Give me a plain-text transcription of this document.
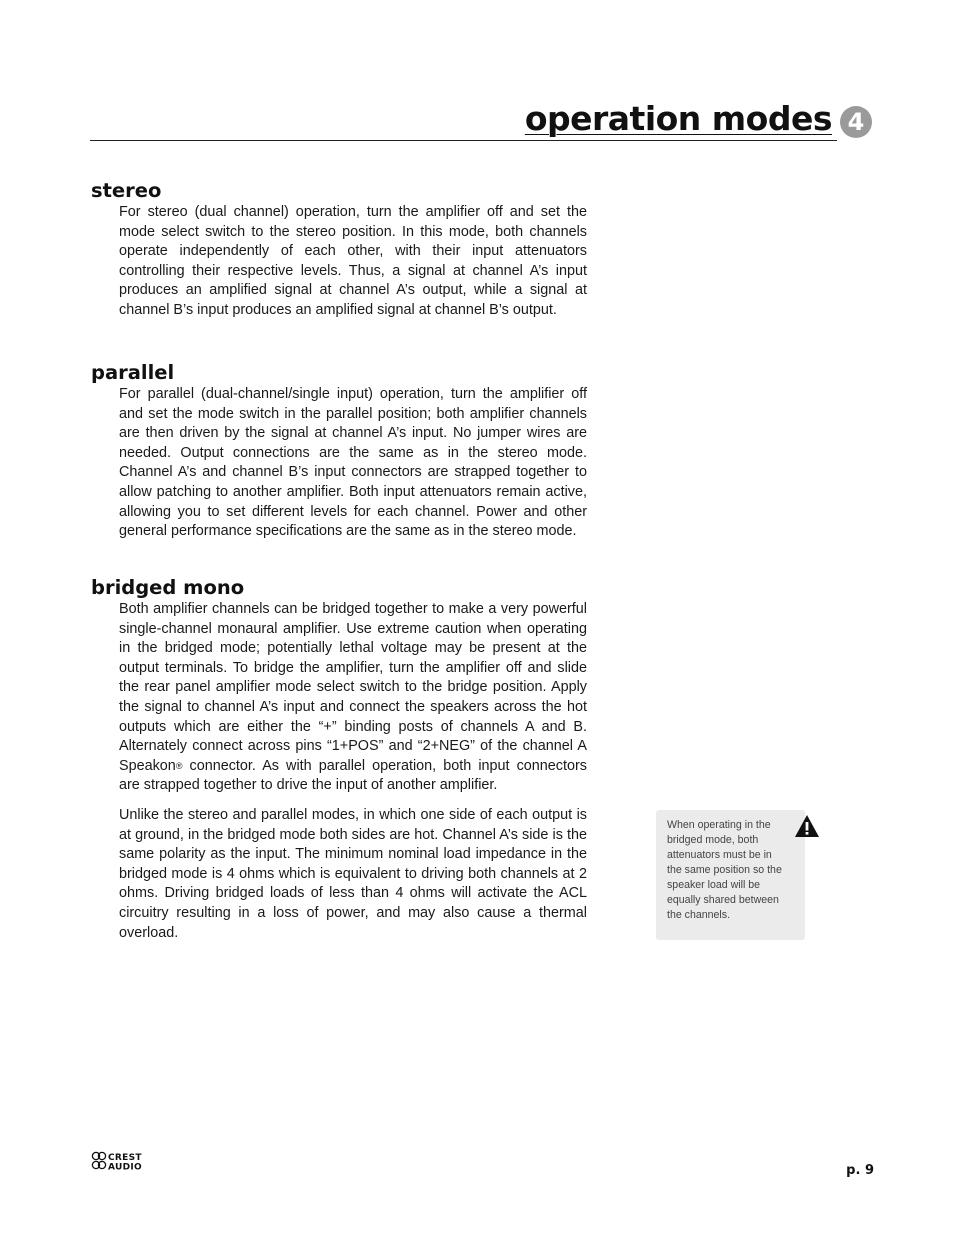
operation modes 4
stereo

For stereo (dual channel) operation, turn the amplifier off and set the mode select switch to the stereo position. In this mode, both channels operate independently of each other, with their input attenuators controlling their respective levels. Thus, a signal at channel A’s input produces an amplified signal at channel A’s output, while a signal at channel B’s input produces an amplified signal at channel B’s output.

parallel

For parallel (dual-channel/single input) operation, turn the amplifier off and set the mode switch in the parallel position; both amplifier channels are then driven by the signal at channel A’s input. No jumper wires are needed. Output connections are the same as in the stereo mode. Channel A’s and channel B’s input connectors are strapped together to allow patching to another amplifier. Both input attenuators remain active, allowing you to set different levels for each channel. Power and other general performance specifications are the same as in the stereo mode.

bridged mono

Both amplifier channels can be bridged together to make a very powerful single-channel monaural amplifier. Use extreme caution when operating in the bridged mode; potentially lethal voltage may be present at the output terminals. To bridge the amplifier, turn the amplifier off and slide the rear panel amplifier mode select switch to the bridge position. Apply the signal to channel A’s input and connect the speakers across the hot outputs which are either the “+” binding posts of channels A and B. Alternately connect across pins “1+POS” and “2+NEG” of the channel A Speakon® connector. As with parallel operation, both input connectors are strapped together to drive the input of another amplifier.

Unlike the stereo and parallel modes, in which one side of each output is at ground, in the bridged mode both sides are hot. Channel A’s side is the same polarity as the input. The minimum nominal load impedance in the bridged mode is 4 ohms which is equivalent to driving both channels at 2 ohms. Driving bridged loads of less than 4 ohms will activate the ACL circuitry resulting in a loss of power, and may also cause a thermal overload.

When operating in the bridged mode, both attenuators must be in the same position so the speaker load will be equally shared between the channels.

CREST
AUDIO	p. 9
